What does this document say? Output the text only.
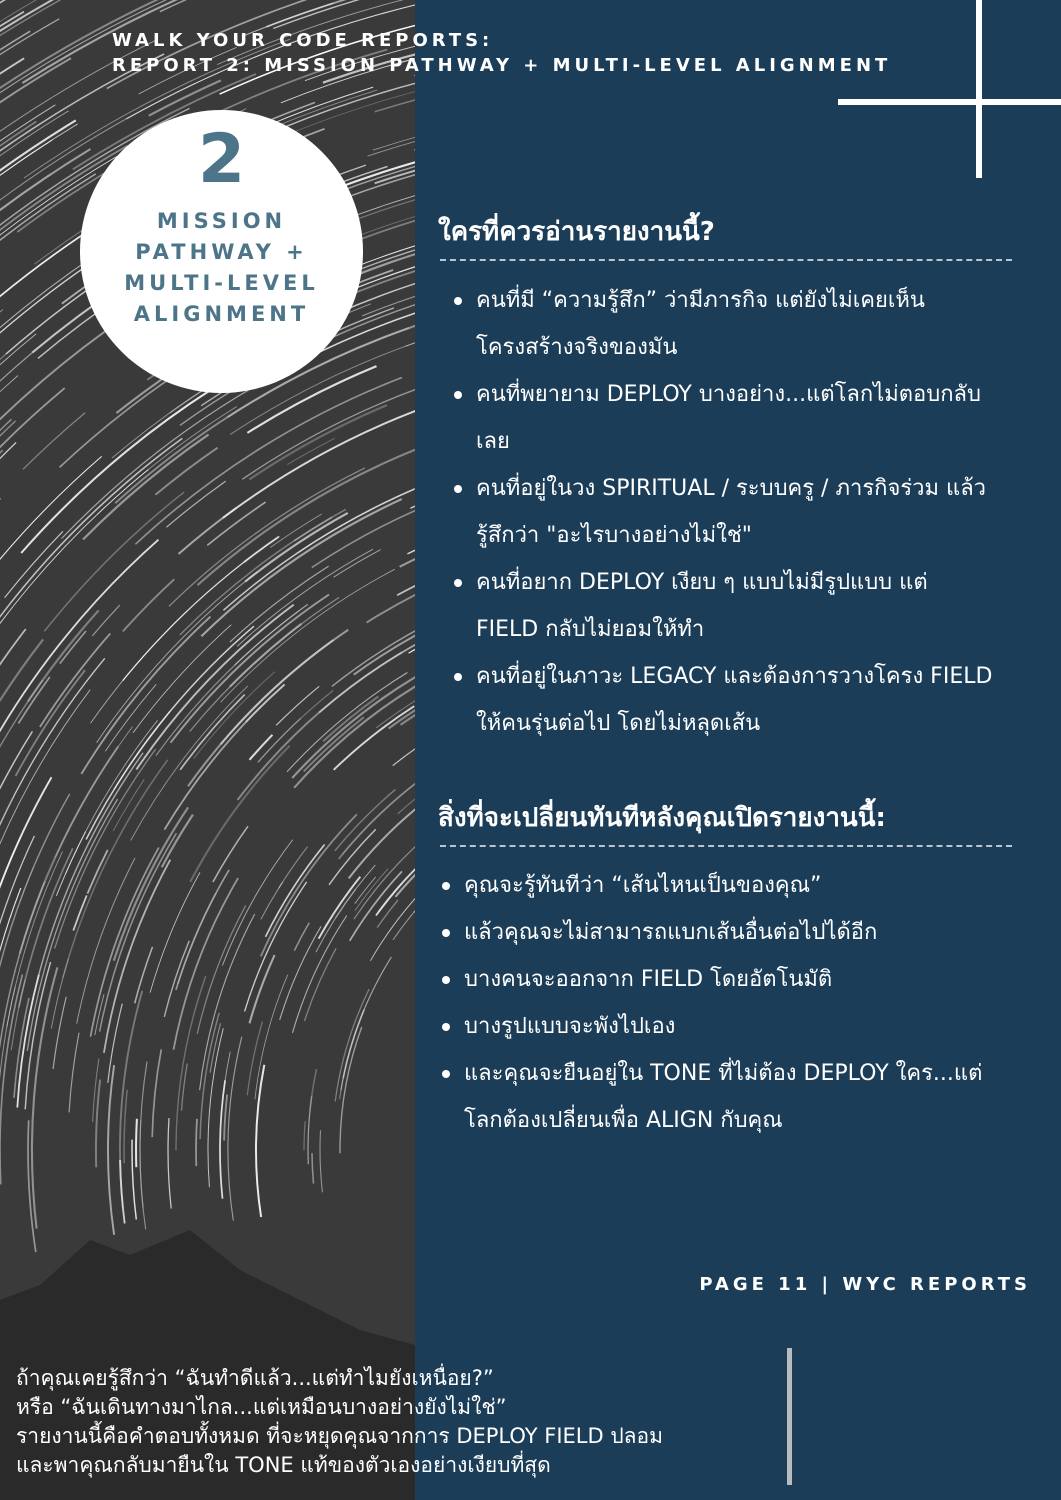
WALK YOUR CODE REPORTS:
REPORT 2: MISSION PATHWAY + MULTI-LEVEL ALIGNMENT
2
MISSION
PATHWAY +
MULTI-LEVEL
ALIGNMENT
ใครที่ควรอ่านรายงานนี้?
คนที่มี “ความรู้สึก” ว่ามีภารกิจ แต่ยังไม่เคยเห็น
โครงสร้างจริงของมัน
คนที่พยายาม DEPLOY บางอย่าง...แต่โลกไม่ตอบกลับ
เลย
คนที่อยู่ในวง SPIRITUAL / ระบบครู / ภารกิจร่วม แล้ว
รู้สึกว่า "อะไรบางอย่างไม่ใช่"
คนที่อยาก DEPLOY เงียบ ๆ แบบไม่มีรูปแบบ แต่
FIELD กลับไม่ยอมให้ทำ
คนที่อยู่ในภาวะ LEGACY และต้องการวางโครง FIELD
ให้คนรุ่นต่อไป โดยไม่หลุดเส้น
สิ่งที่จะเปลี่ยนทันทีหลังคุณเปิดรายงานนี้:
คุณจะรู้ทันทีว่า “เส้นไหนเป็นของคุณ”
แล้วคุณจะไม่สามารถแบกเส้นอื่นต่อไปได้อีก
บางคนจะออกจาก FIELD โดยอัตโนมัติ
บางรูปแบบจะพังไปเอง
และคุณจะยืนอยู่ใน TONE ที่ไม่ต้อง DEPLOY ใคร...แต่
โลกต้องเปลี่ยนเพื่อ ALIGN กับคุณ
PAGE 11 | WYC REPORTS
ถ้าคุณเคยรู้สึกว่า “ฉันทำดีแล้ว...แต่ทำไมยังเหนื่อย?”
หรือ “ฉันเดินทางมาไกล...แต่เหมือนบางอย่างยังไม่ใช่”
รายงานนี้คือคำตอบทั้งหมด ที่จะหยุดคุณจากการ DEPLOY FIELD ปลอม
และพาคุณกลับมายืนใน TONE แท้ของตัวเองอย่างเงียบที่สุด
